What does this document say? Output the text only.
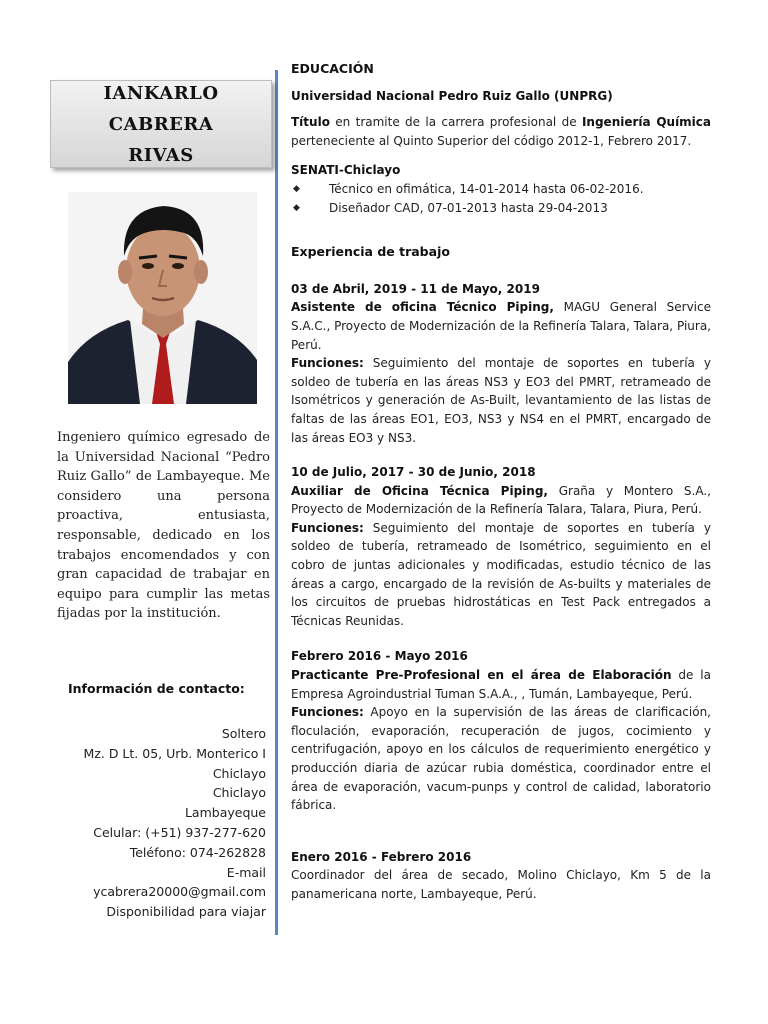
IANKARLO CABRERA
RIVAS
Ingeniero químico egresado de la Universidad Nacional “Pedro Ruiz Gallo” de Lambayeque. Me considero una persona proactiva, entusiasta, responsable, dedicado en los trabajos encomendados y con gran capacidad de trabajar en equipo para cumplir las metas fijadas por la institución.
Información de contacto:
Soltero
Mz. D Lt. 05, Urb. Monterico I
Chiclayo
Chiclayo
Lambayeque
Celular: (+51) 937-277-620
Teléfono: 074-262828
E-mail
ycabrera20000@gmail.com
Disponibilidad para viajar
EDUCACIÓN
Universidad Nacional Pedro Ruiz Gallo (UNPRG)
Título en tramite de la carrera profesional de Ingeniería Química perteneciente al Quinto Superior del código 2012-1, Febrero 2017.
SENATI-Chiclayo
◆ Técnico en ofimática, 14-01-2014 hasta 06-02-2016.
◆ Diseñador CAD, 07-01-2013 hasta 29-04-2013
Experiencia de trabajo
03 de Abril, 2019 - 11 de Mayo, 2019
Asistente de oficina Técnico Piping, MAGU General Service S.A.C., Proyecto de Modernización de la Refinería Talara, Talara, Piura, Perú.
Funciones: Seguimiento del montaje de soportes en tubería y soldeo de tubería en las áreas NS3 y EO3 del PMRT, retrameado de Isométricos y generación de As-Built, levantamiento de las listas de faltas de las áreas EO1, EO3, NS3 y NS4 en el PMRT, encargado de las áreas EO3 y NS3.
10 de Julio, 2017 - 30 de Junio, 2018
Auxiliar de Oficina Técnica Piping, Graña y Montero S.A., Proyecto de Modernización de la Refinería Talara, Talara, Piura, Perú.
Funciones: Seguimiento del montaje de soportes en tubería y soldeo de tubería, retrameado de Isométrico, seguimiento en el cobro de juntas adicionales y modificadas, estudio técnico de las áreas a cargo, encargado de la revisión de As-builts y materiales de los circuitos de pruebas hidrostáticas en Test Pack entregados a Técnicas Reunidas.
Febrero 2016 - Mayo 2016
Practicante Pre-Profesional en el área de Elaboración de la Empresa Agroindustrial Tuman S.A.A., , Tumán, Lambayeque, Perú.
Funciones: Apoyo en la supervisión de las áreas de clarificación, floculación, evaporación, recuperación de jugos, cocimiento y centrifugación, apoyo en los cálculos de requerimiento energético y producción diaria de azúcar rubia doméstica, coordinador entre el área de evaporación, vacum-punps y control de calidad, laboratorio fábrica.
Enero 2016 - Febrero 2016
Coordinador del área de secado, Molino Chiclayo, Km 5 de la panamericana norte, Lambayeque, Perú.
